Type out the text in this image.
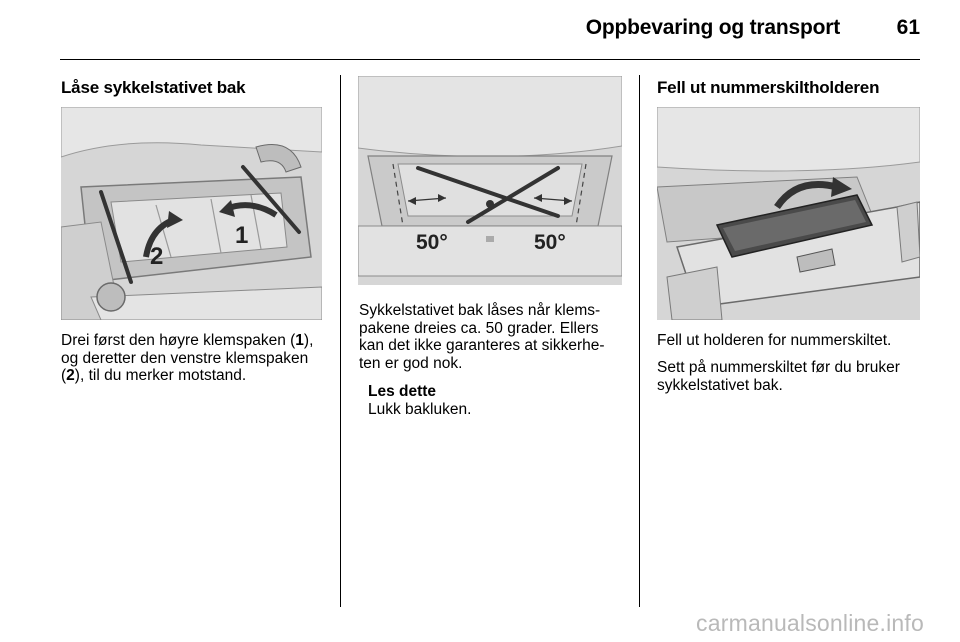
Oppbevaring og transport	61
Låse sykkelstativet bak
1
2

Drei først den høyre klemspaken (1), og deretter den venstre klemspaken (2), til du merker motstand.

50°	50°

Sykkelstativet bak låses når klems-pakene dreies ca. 50 grader. Ellers kan det ikke garanteres at sikkerhe-ten er god nok.

Les dette
Lukk bakluken.
Fell ut nummerskiltholderen

Fell ut holderen for nummerskiltet.

Sett på nummerskiltet før du bruker sykkelstativet bak.

carmanualsonline.info
